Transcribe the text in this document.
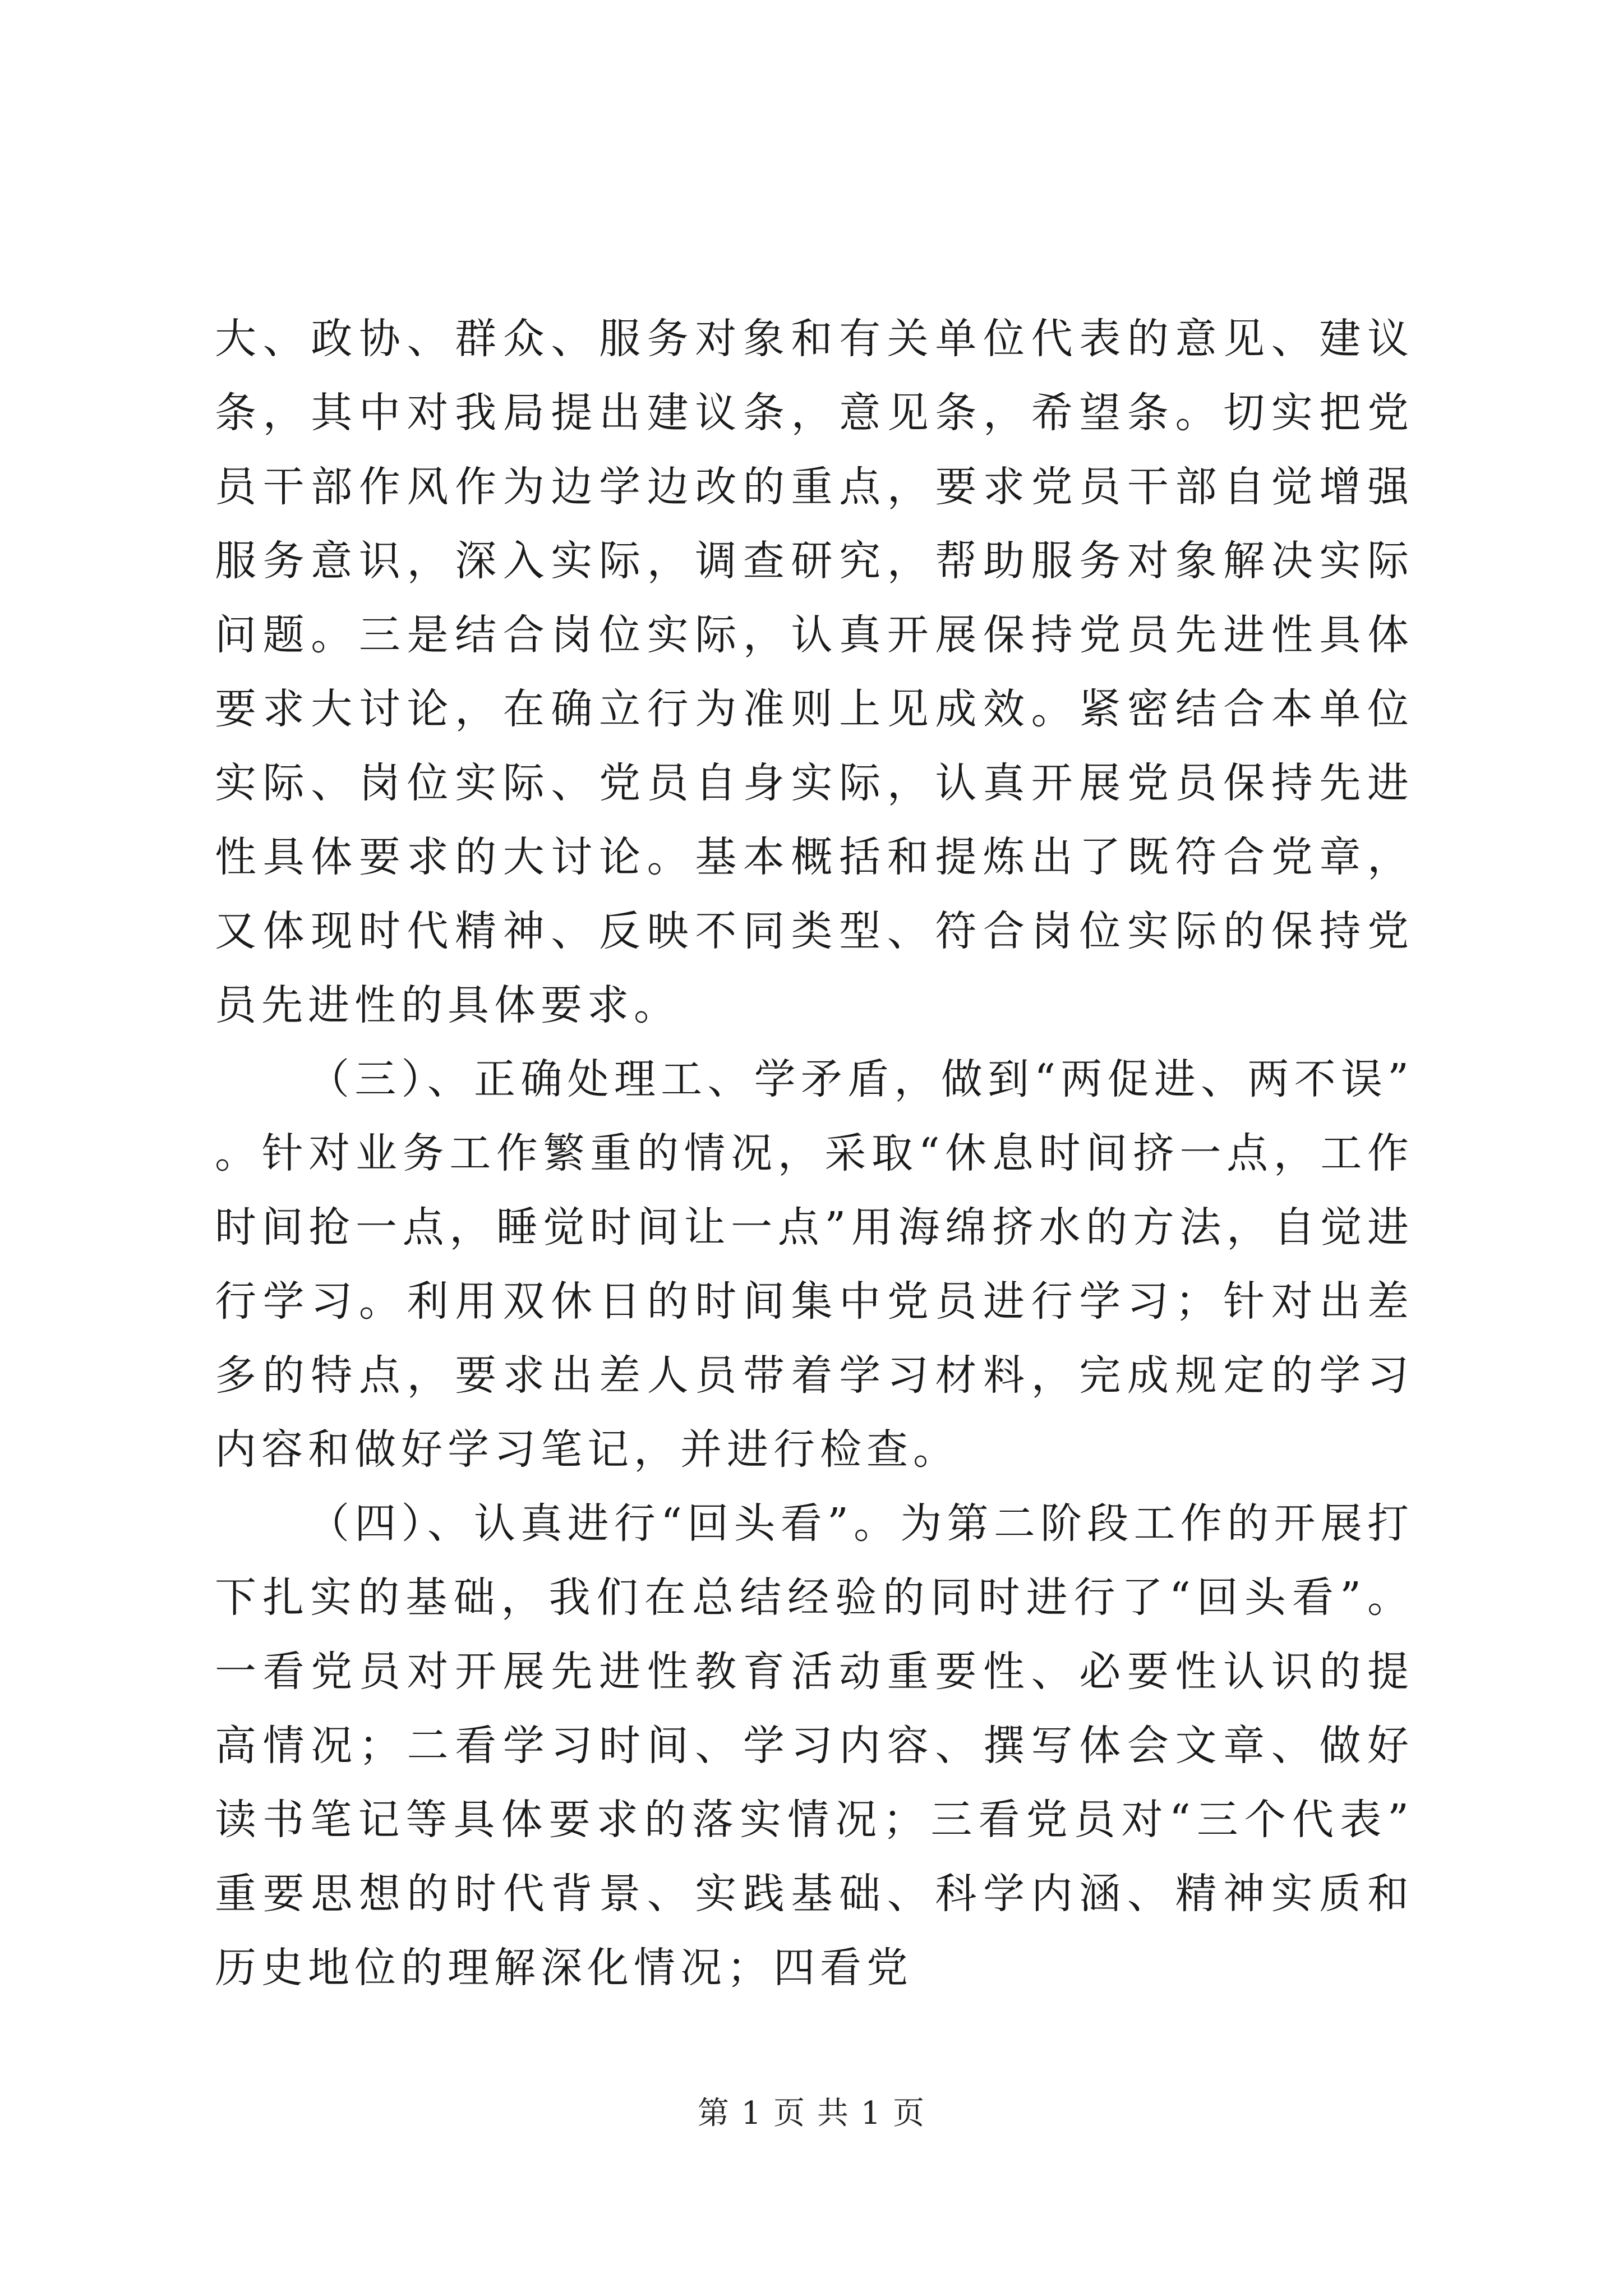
大、政协、群众、服务对象和有关单位代表的意见、建议条，其中对我局提出建议条，意见条，希望条。切实把党员干部作风作为边学边改的重点，要求党员干部自觉增强服务意识，深入实际，调查研究，帮助服务对象解决实际问题。三是结合岗位实际，认真开展保持党员先进性具体要求大讨论，在确立行为准则上见成效。紧密结合本单位实际、岗位实际、党员自身实际，认真开展党员保持先进性具体要求的大讨论。基本概括和提炼出了既符合党章，又体现时代精神、反映不同类型、符合岗位实际的保持党员先进性的具体要求。

（三）、正确处理工、学矛盾，做到“两促进、两不误”。针对业务工作繁重的情况，采取“休息时间挤一点，工作时间抢一点，睡觉时间让一点”用海绵挤水的方法，自觉进行学习。利用双休日的时间集中党员进行学习；针对出差多的特点，要求出差人员带着学习材料，完成规定的学习内容和做好学习笔记，并进行检查。

（四）、认真进行“回头看”。为第二阶段工作的开展打下扎实的基础，我们在总结经验的同时进行了“回头看”。一看党员对开展先进性教育活动重要性、必要性认识的提高情况；二看学习时间、学习内容、撰写体会文章、做好读书笔记等具体要求的落实情况；三看党员对“三个代表”重要思想的时代背景、实践基础、科学内涵、精神实质和历史地位的理解深化情况；四看党

第 1 页 共 1 页
